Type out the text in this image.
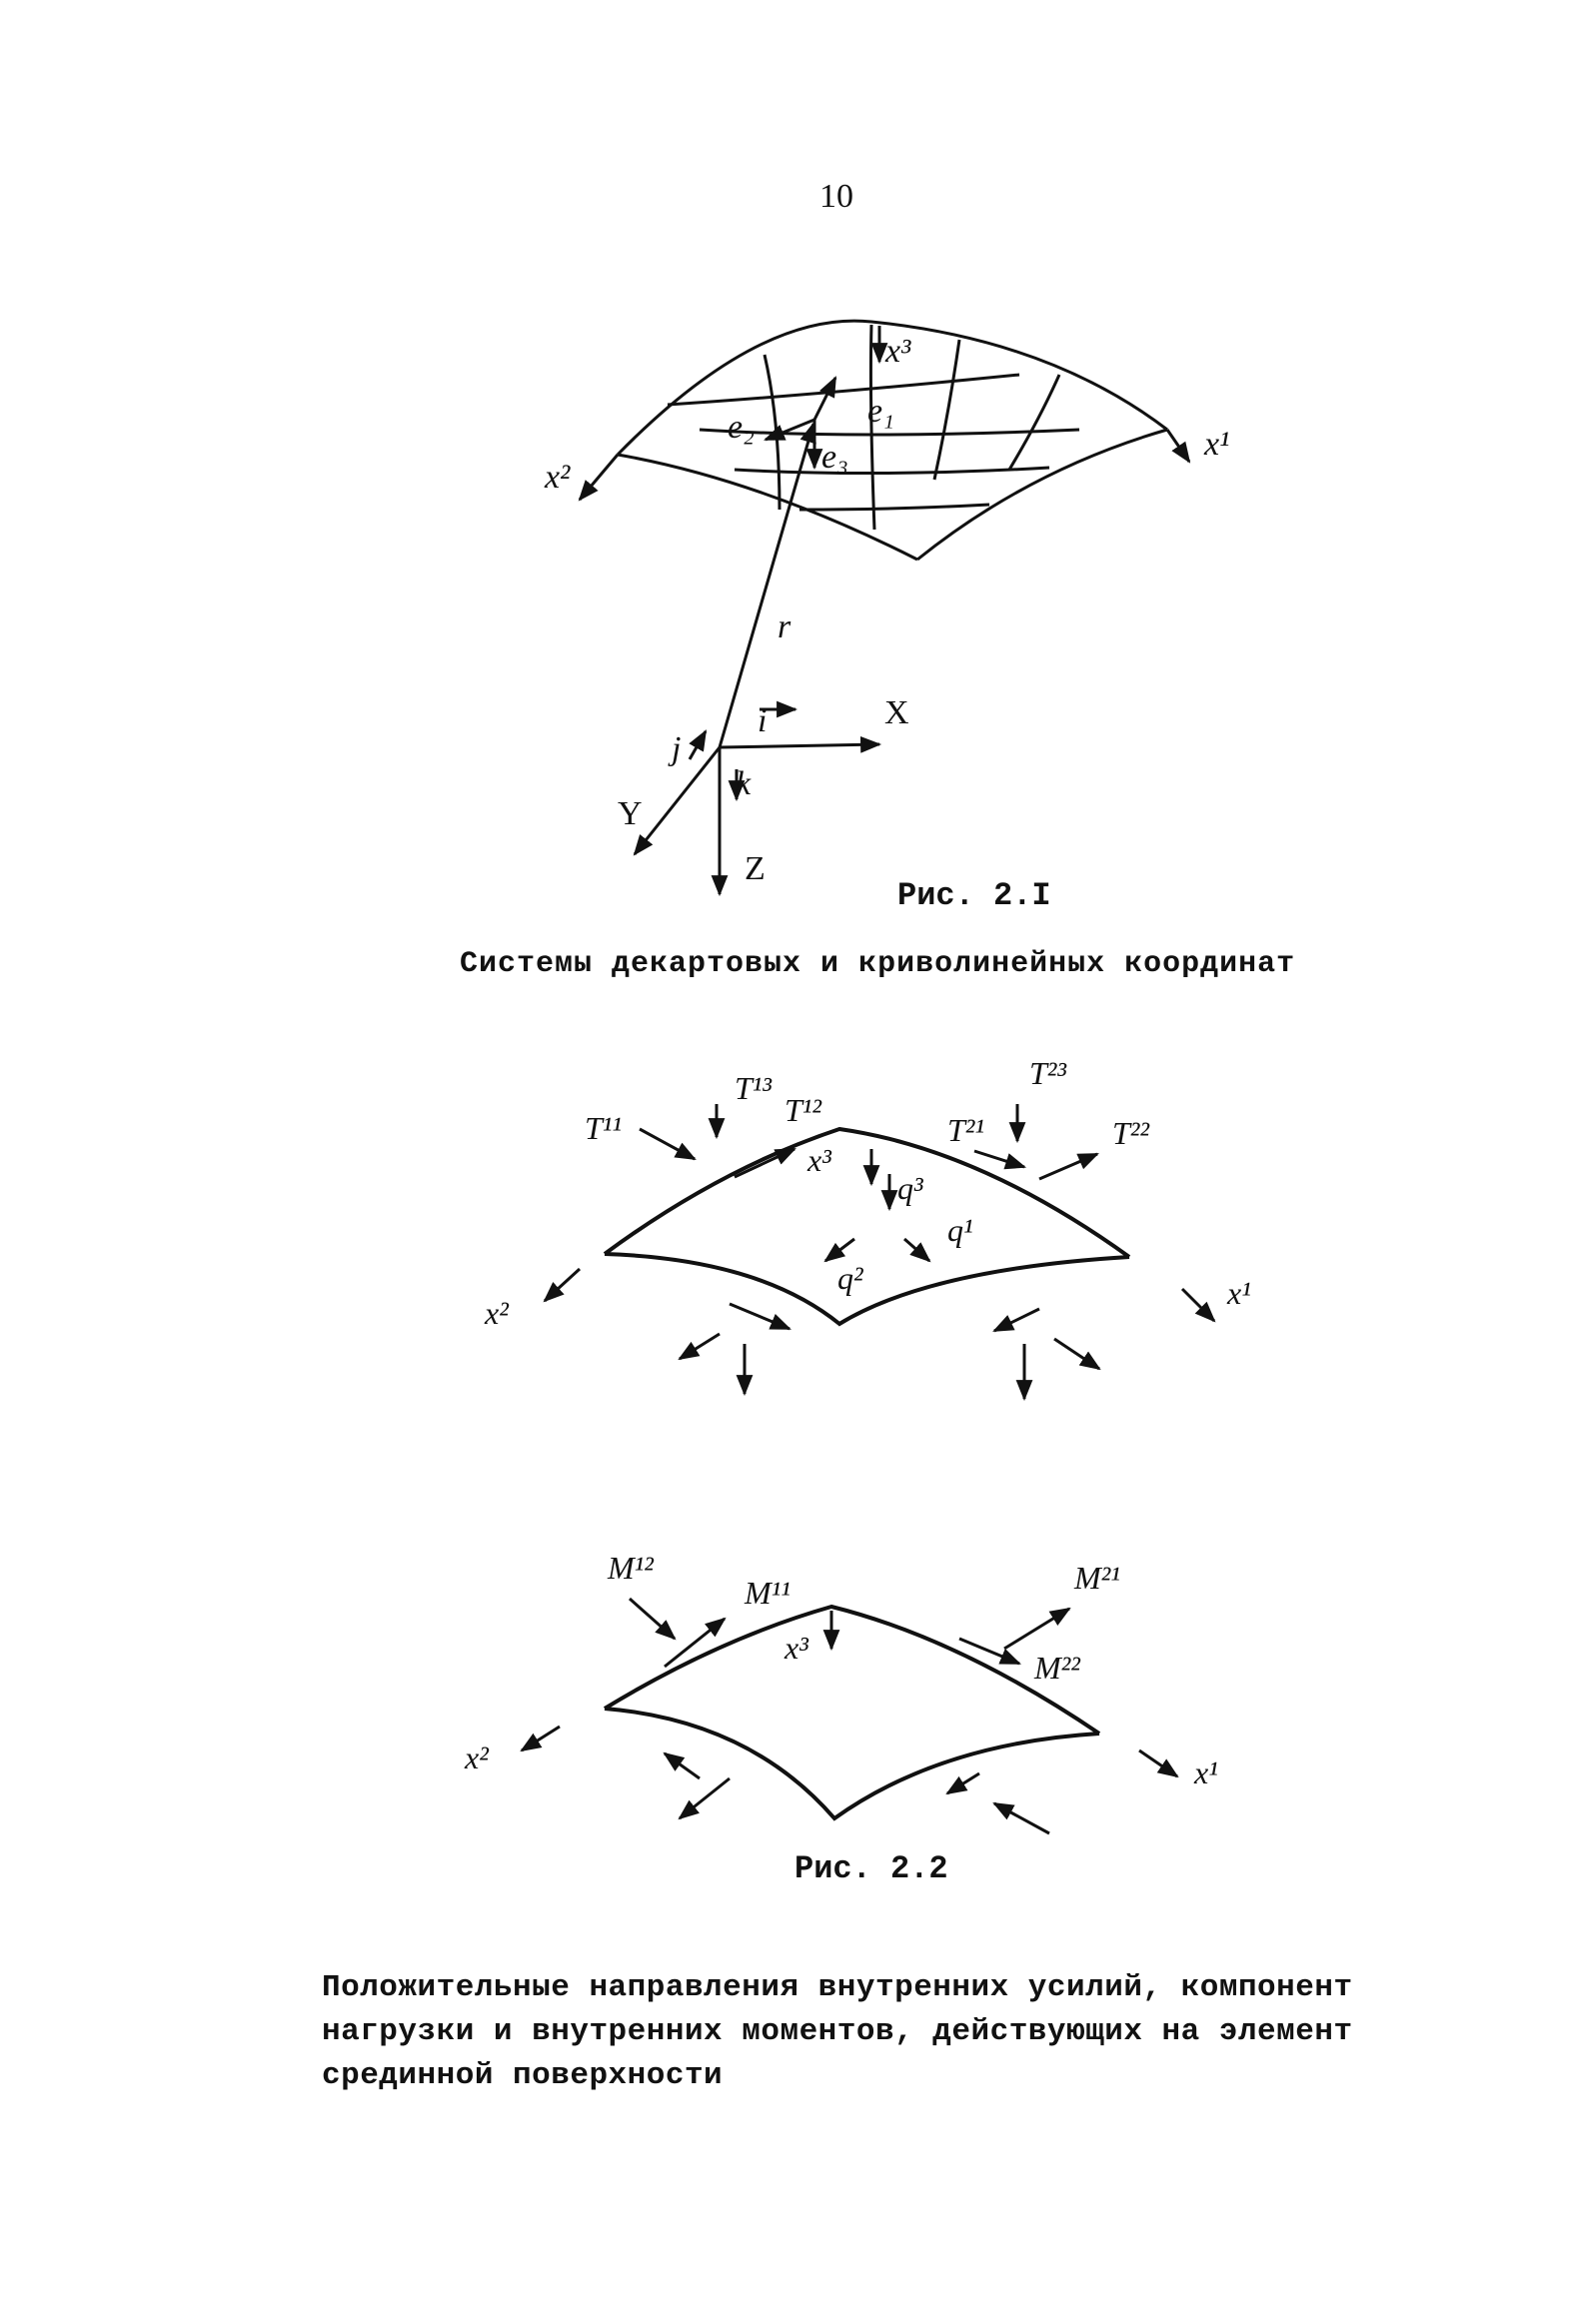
10
x³
e₁
e₂
e₃
x²
x¹
r
i
j
k
X
Y
Z
T¹¹
T¹³
T¹²
T²¹
T²³
T²²
x³
q³
q¹
q²
x²
x¹
M¹²
M¹¹	M²¹
M²²
x³
x²	x¹
Рис. 2.I
Системы декартовых и криволинейных координат
Рис. 2.2
Положительные направления внутренних усилий, компонент
нагрузки и внутренних моментов, действующих на элемент
срединной поверхности
